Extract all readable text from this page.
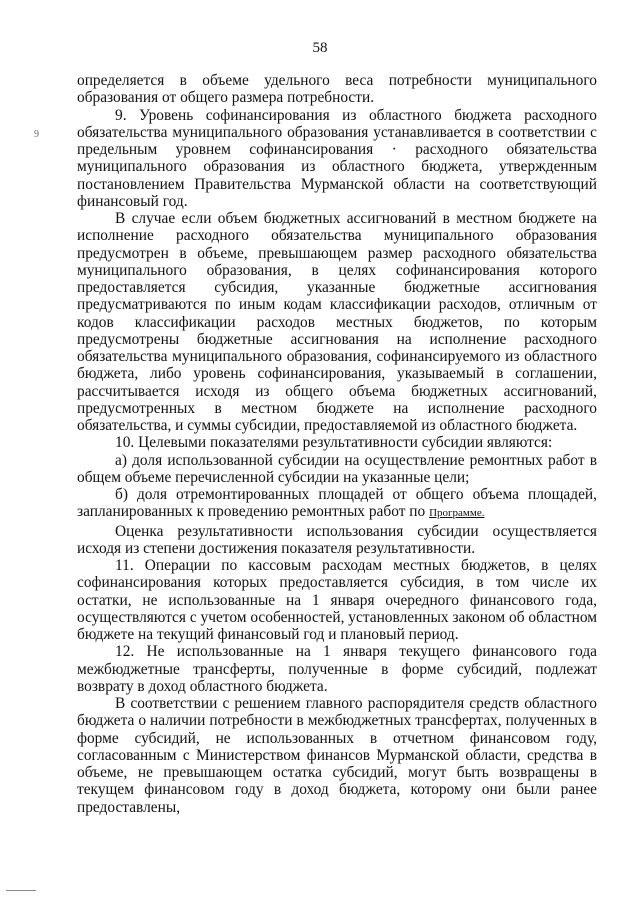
58
9

определяется в объеме удельного веса потребности муниципального образования от общего размера потребности.

9. Уровень софинансирования из областного бюджета расходного обязательства муниципального образования устанавливается в соответствии с предельным уровнем софинансирования · расходного обязательства муниципального образования из областного бюджета, утвержденным постановлением Правительства Мурманской области на соответствующий финансовый год.

В случае если объем бюджетных ассигнований в местном бюджете на исполнение расходного обязательства муниципального образования предусмотрен в объеме, превышающем размер расходного обязательства муниципального образования, в целях софинансирования которого предоставляется субсидия, указанные бюджетные ассигнования предусматриваются по иным кодам классификации расходов, отличным от кодов классификации расходов местных бюджетов, по которым предусмотрены бюджетные ассигнования на исполнение расходного обязательства муниципального образования, софинансируемого из областного бюджета, либо уровень софинансирования, указываемый в соглашении, рассчитывается исходя из общего объема бюджетных ассигнований, предусмотренных в местном бюджете на исполнение расходного обязательства, и суммы субсидии, предоставляемой из областного бюджета.

10. Целевыми показателями результативности субсидии являются:

а) доля использованной субсидии на осуществление ремонтных работ в общем объеме перечисленной субсидии на указанные цели;

б) доля отремонтированных площадей от общего объема площадей, запланированных к проведению ремонтных работ по Программе.

Оценка результативности использования субсидии осуществляется исходя из степени достижения показателя результативности.

11. Операции по кассовым расходам местных бюджетов, в целях софинансирования которых предоставляется субсидия, в том числе их остатки, не использованные на 1 января очередного финансового года, осуществляются с учетом особенностей, установленных законом об областном бюджете на текущий финансовый год и плановый период.

12. Не использованные на 1 января текущего финансового года межбюджетные трансферты, полученные в форме субсидий, подлежат возврату в доход областного бюджета.

В соответствии с решением главного распорядителя средств областного бюджета о наличии потребности в межбюджетных трансфертах, полученных в форме субсидий, не использованных в отчетном финансовом году, согласованным с Министерством финансов Мурманской области, средства в объеме, не превышающем остатка субсидий, могут быть возвращены в текущем финансовом году в доход бюджета, которому они были ранее предоставлены,
